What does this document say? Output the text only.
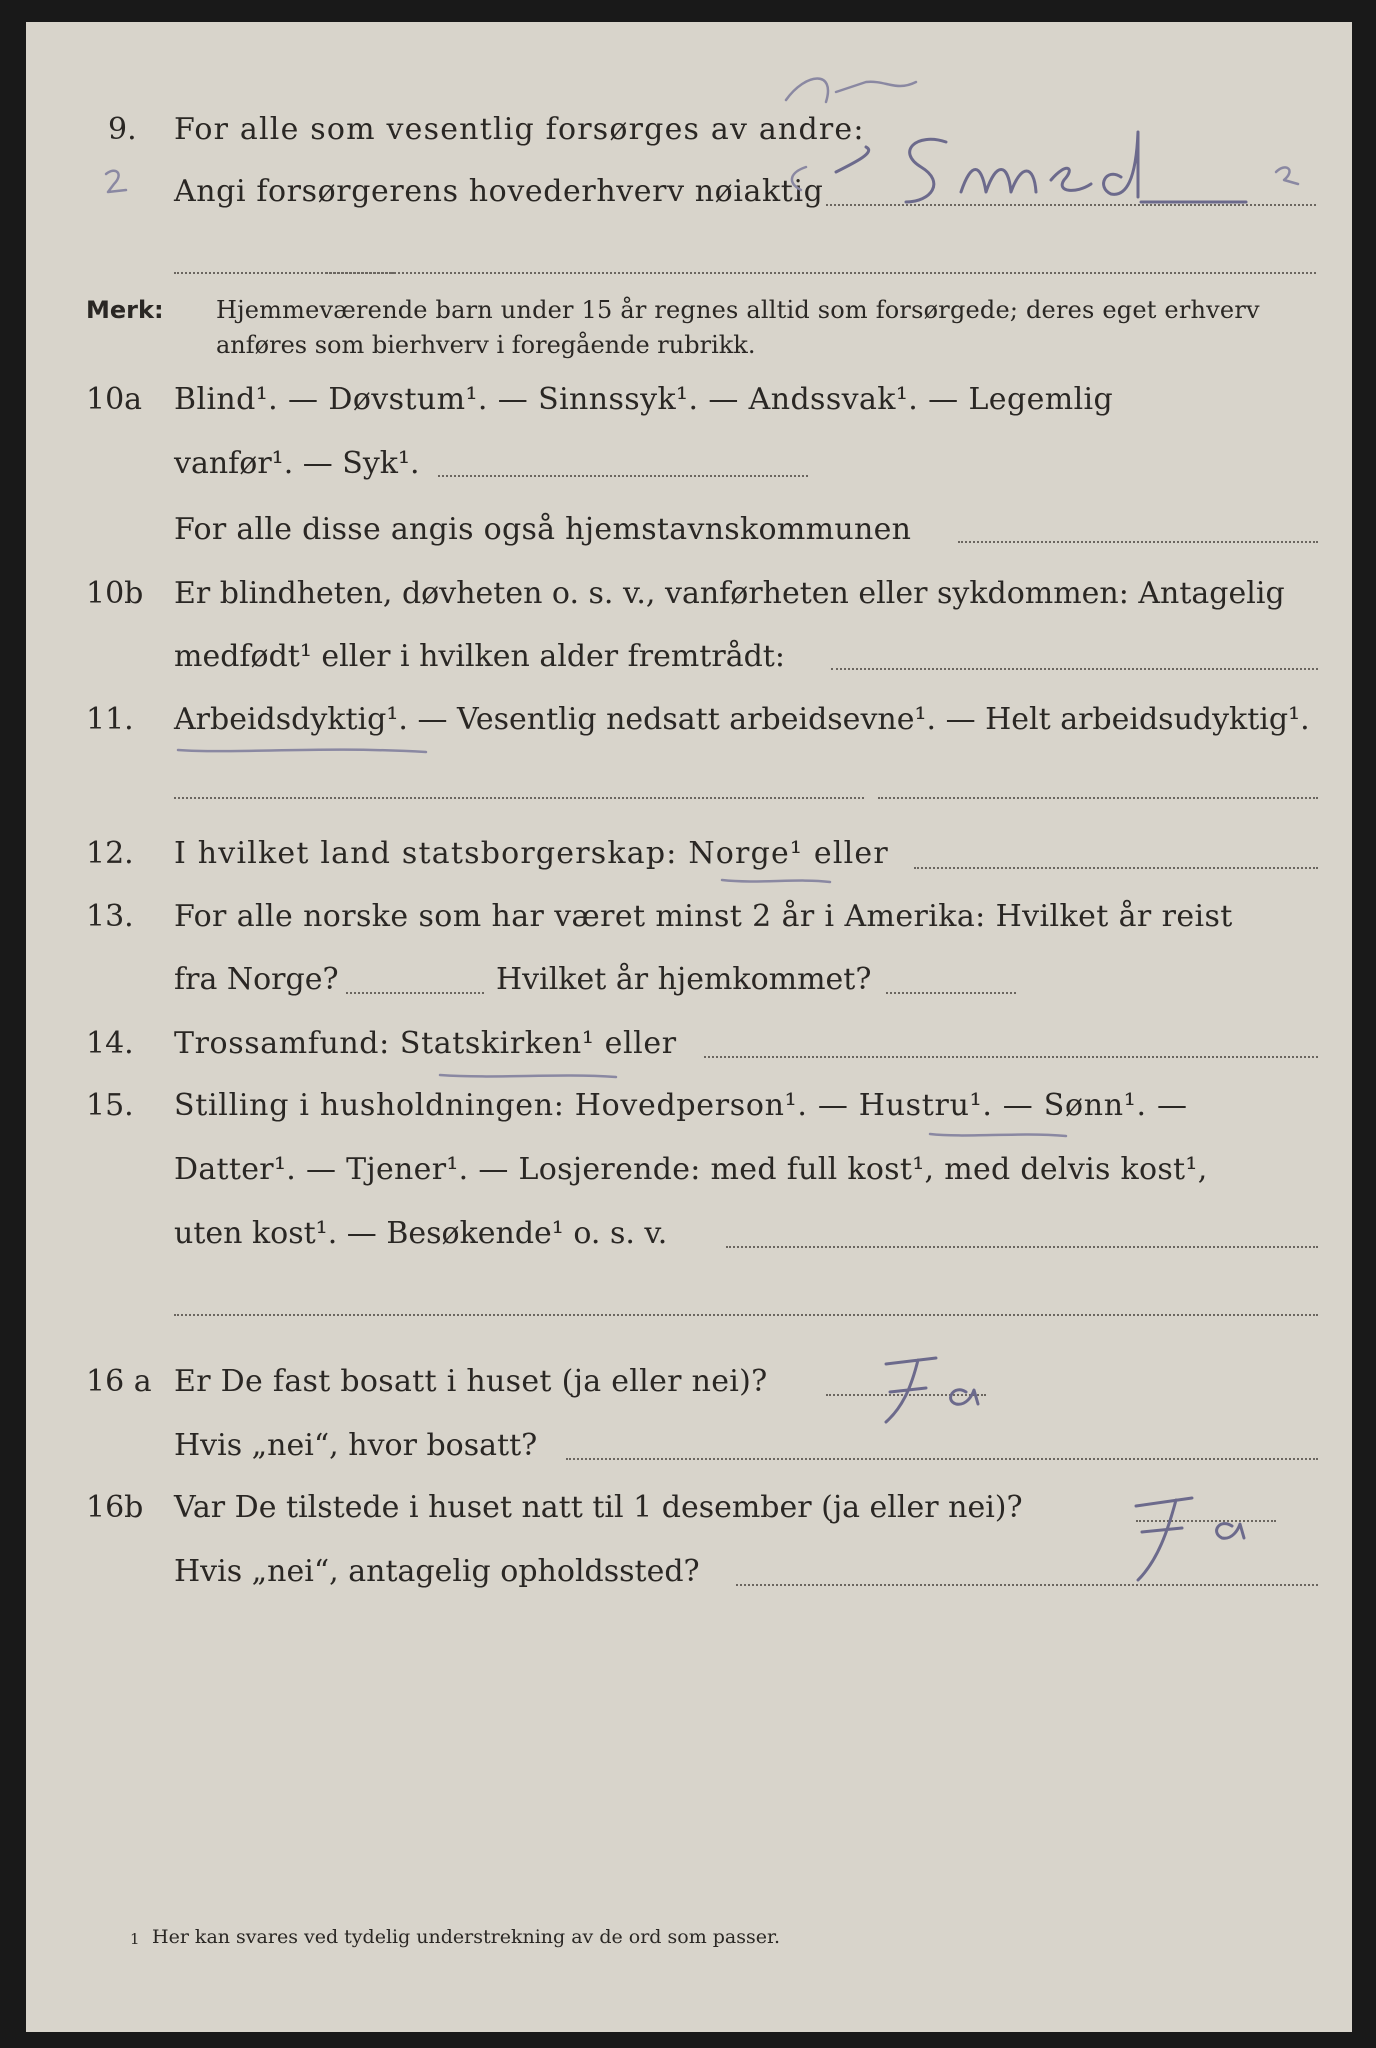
9. For alle som vesentlig forsørges av andre:
Angi forsørgerens hovederhverv nøiaktig
Merk: Hjemmeværende barn under 15 år regnes alltid som forsørgede; deres eget erhverv
anføres som bierhverv i foregående rubrikk.
10a Blind¹. — Døvstum¹. — Sinnssyk¹. — Andssvak¹. — Legemlig
vanfør¹. — Syk¹.
For alle disse angis også hjemstavnskommunen
10b Er blindheten, døvheten o. s. v., vanførheten eller sykdommen: Antagelig
medfødt¹ eller i hvilken alder fremtrådt:
11. Arbeidsdyktig¹. — Vesentlig nedsatt arbeidsevne¹. — Helt arbeidsudyktig¹.
12. I hvilket land statsborgerskap: Norge¹ eller
13. For alle norske som har været minst 2 år i Amerika: Hvilket år reist
fra Norge?	Hvilket år hjemkommet?
14. Trossamfund: Statskirken¹ eller
15. Stilling i husholdningen: Hovedperson¹. — Hustru¹. — Sønn¹. —
Datter¹. — Tjener¹. — Losjerende: med full kost¹, med delvis kost¹,
uten kost¹. — Besøkende¹ o. s. v.
16 a Er De fast bosatt i huset (ja eller nei)?
Hvis „nei“, hvor bosatt?
16b Var De tilstede i huset natt til 1 desember (ja eller nei)?
Hvis „nei“, antagelig opholdssted?
1 Her kan svares ved tydelig understrekning av de ord som passer.
